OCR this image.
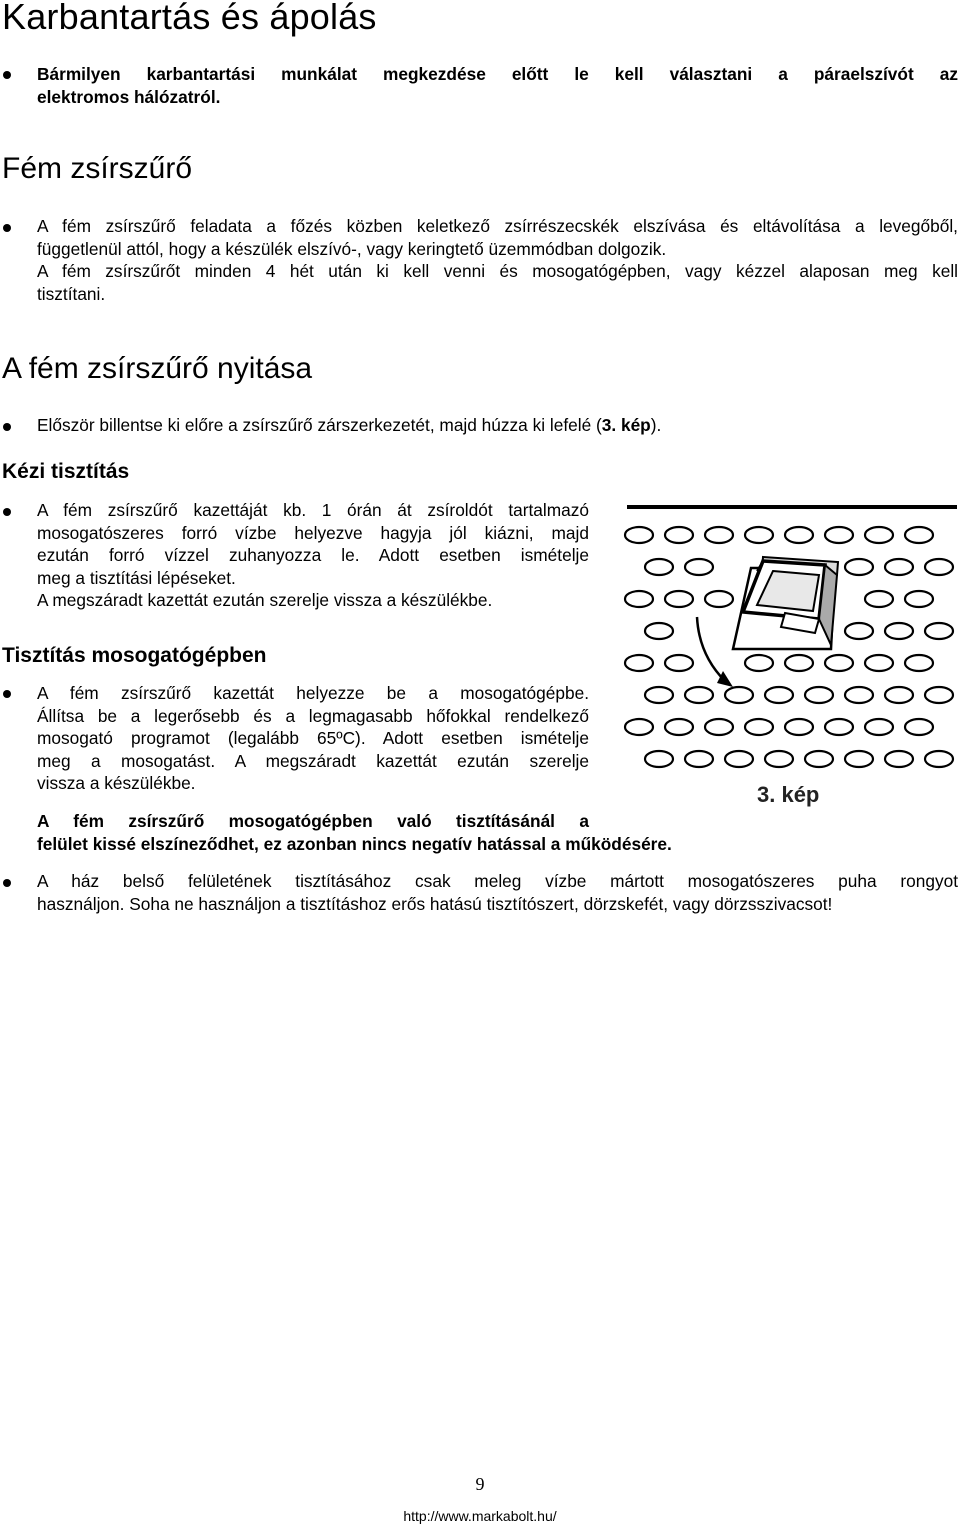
Karbantartás és ápolás
Bármilyen karbantartási munkálat megkezdése előtt le kell választani a páraelszívót az
elektromos hálózatról.
Fém zsírszűrő
A fém zsírszűrő feladata a főzés közben keletkező zsírrészecskék elszívása és eltávolítása a levegőből,
függetlenül attól, hogy a készülék elszívó-, vagy keringtető üzemmódban dolgozik.
A fém zsírszűrőt minden 4 hét után ki kell venni és mosogatógépben, vagy kézzel alaposan meg kell
tisztítani.
A fém zsírszűrő nyitása
Először billentse ki előre a zsírszűrő zárszerkezetét, majd húzza ki lefelé (3. kép).
Kézi tisztítás
A fém zsírszűrő kazettáját kb. 1 órán át zsíroldót tartalmazó
mosogatószeres forró vízbe helyezve hagyja jól kiázni, majd
ezután forró vízzel zuhanyozza le. Adott esetben ismételje
meg a tisztítási lépéseket.
A megszáradt kazettát ezután szerelje vissza a készülékbe.
Tisztítás mosogatógépben
A fém zsírszűrő kazettát helyezze be a mosogatógépbe.
Állítsa be a legerősebb és a legmagasabb hőfokkal rendelkező
mosogató programot (legalább 65ºC). Adott esetben ismételje
meg a mosogatást. A megszáradt kazettát ezután szerelje
vissza a készülékbe.
A fém zsírszűrő mosogatógépben való tisztításánál a
felület kissé elszíneződhet, ez azonban nincs negatív hatással a működésére.
A ház belső felületének tisztításához csak meleg vízbe mártott mosogatószeres puha rongyot
használjon. Soha ne használjon a tisztításhoz erős hatású tisztítószert, dörzskefét, vagy dörzsszivacsot!
3. kép
9
http://www.markabolt.hu/
